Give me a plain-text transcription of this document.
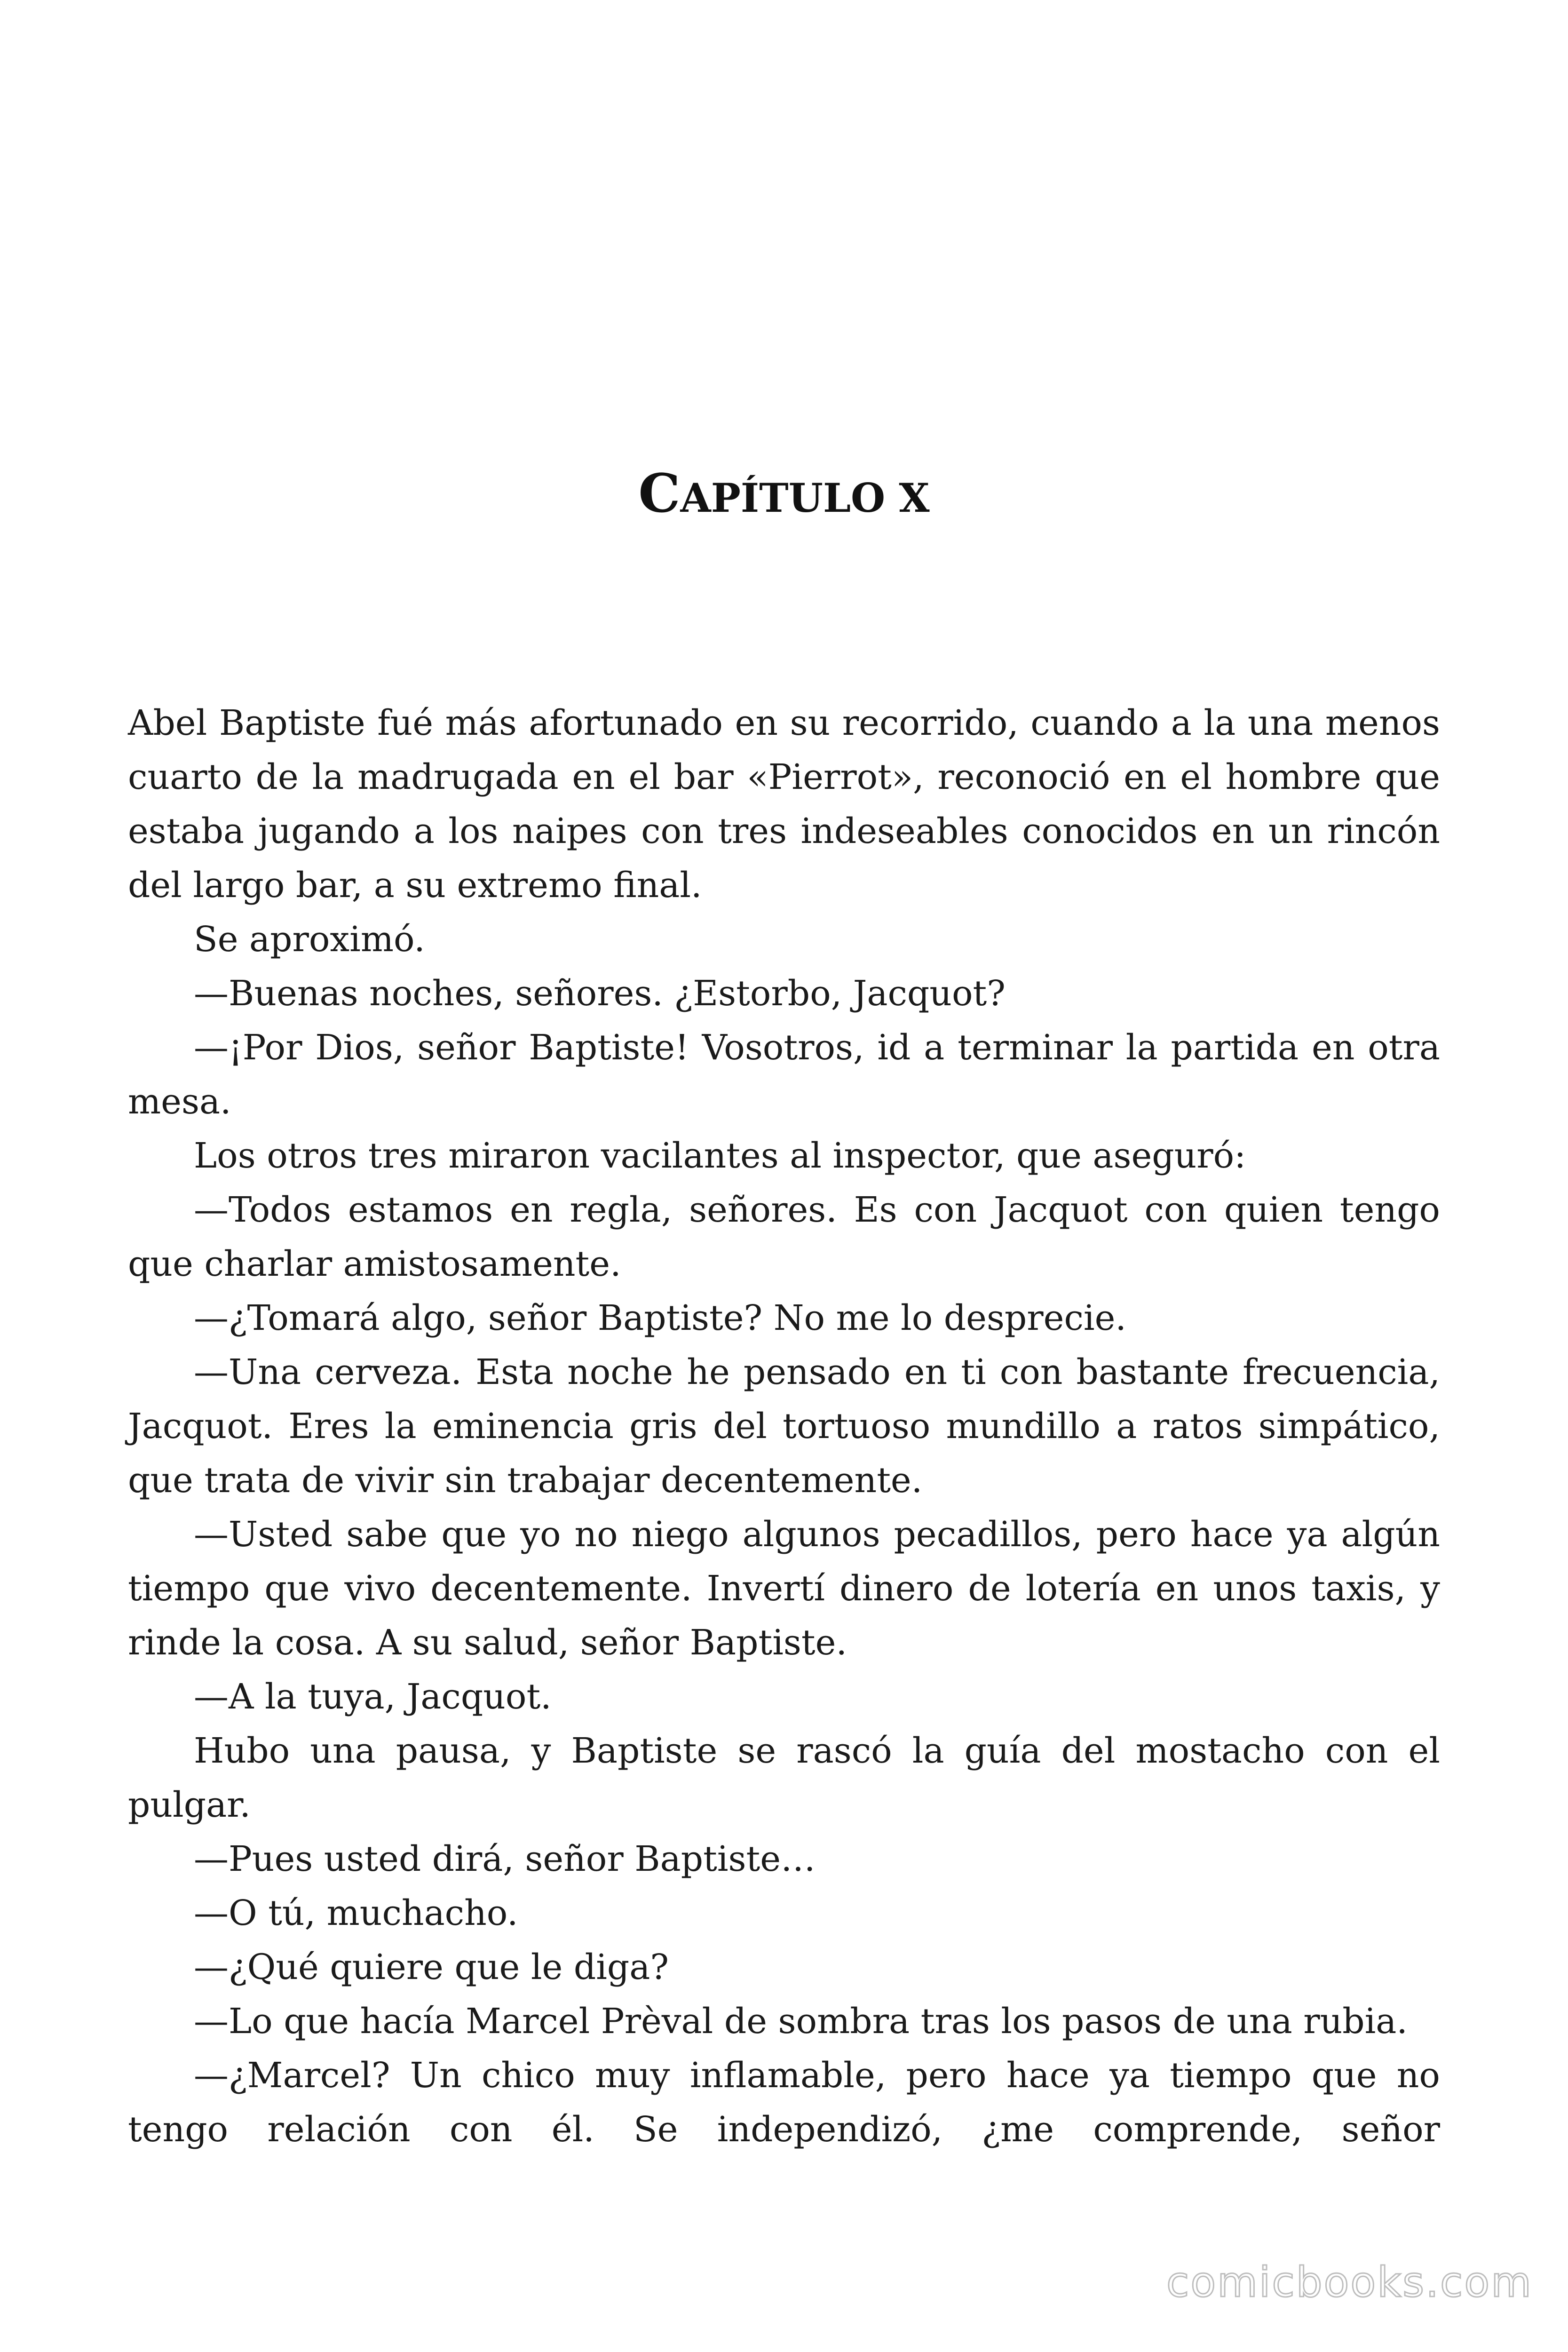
CAPÍTULO X

Abel Baptiste fué más afortunado en su recorrido, cuando a la una menos cuarto de la madrugada en el bar «Pierrot», reconoció en el hombre que estaba jugando a los naipes con tres indeseables conocidos en un rincón del largo bar, a su extremo final.

Se aproximó.

—Buenas noches, señores. ¿Estorbo, Jacquot?

—¡Por Dios, señor Baptiste! Vosotros, id a terminar la partida en otra mesa.

Los otros tres miraron vacilantes al inspector, que aseguró:

—Todos estamos en regla, señores. Es con Jacquot con quien tengo que charlar amistosamente.

—¿Tomará algo, señor Baptiste? No me lo desprecie.

—Una cerveza. Esta noche he pensado en ti con bastante frecuencia, Jacquot. Eres la eminencia gris del tortuoso mundillo a ratos simpático, que trata de vivir sin trabajar decentemente.

—Usted sabe que yo no niego algunos pecadillos, pero hace ya algún tiempo que vivo decentemente. Invertí dinero de lotería en unos taxis, y rinde la cosa. A su salud, señor Baptiste.

—A la tuya, Jacquot.

Hubo una pausa, y Baptiste se rascó la guía del mostacho con el pulgar.

—Pues usted dirá, señor Baptiste…

—O tú, muchacho.

—¿Qué quiere que le diga?

—Lo que hacía Marcel Prèval de sombra tras los pasos de una rubia.

—¿Marcel? Un chico muy inflamable, pero hace ya tiempo que no tengo relación con él. Se independizó, ¿me comprende, señor

comicbooks.com
